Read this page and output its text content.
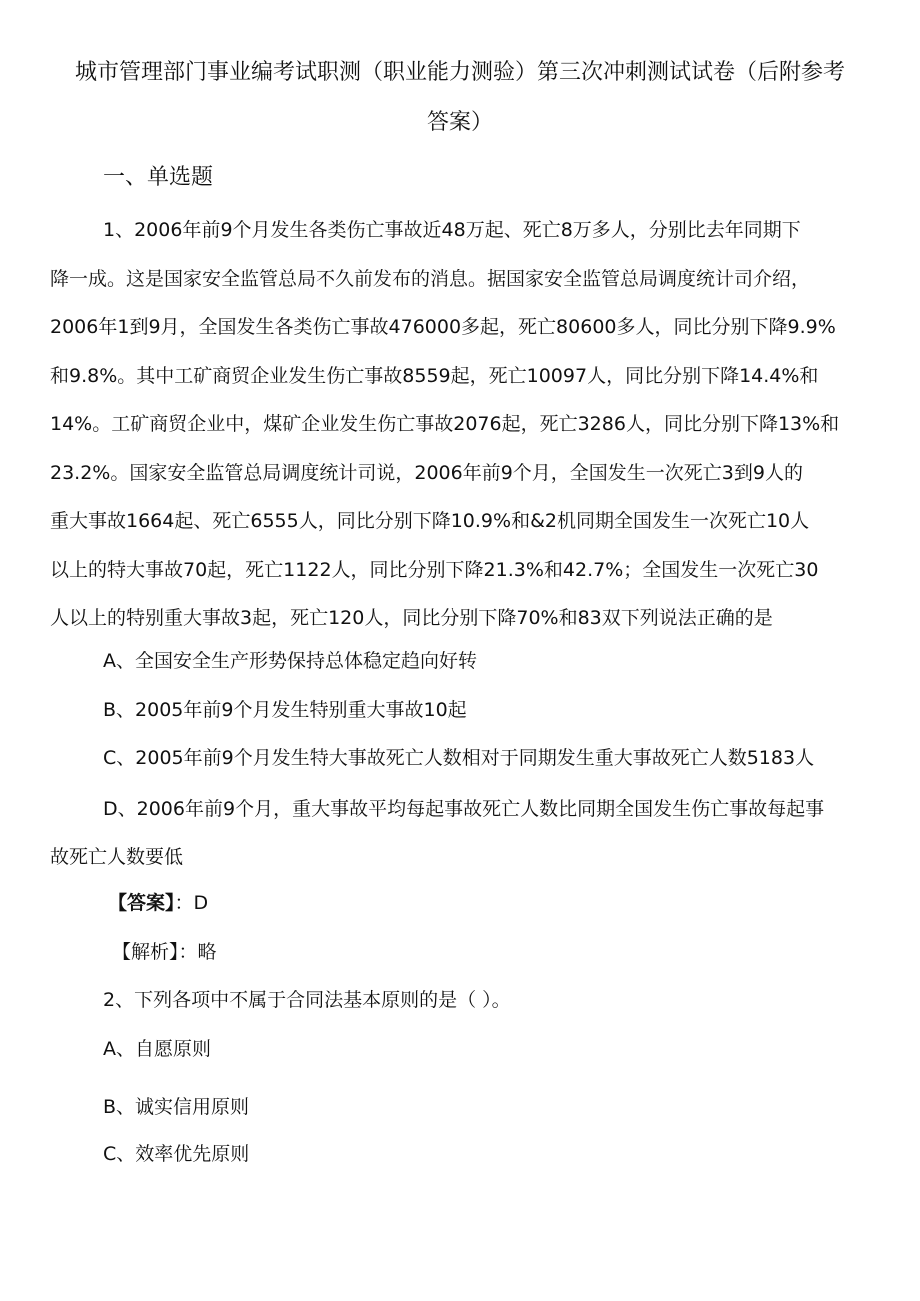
城市管理部门事业编考试职测（职业能力测验）第三次冲刺测试试卷（后附参考
答案）
一、单选题
1、2006年前9个月发生各类伤亡事故近48万起、死亡8万多人，分别比去年同期下
降一成。这是国家安全监管总局不久前发布的消息。据国家安全监管总局调度统计司介绍，
2006年1到9月，全国发生各类伤亡事故476000多起，死亡80600多人，同比分别下降9.9%
和9.8%。其中工矿商贸企业发生伤亡事故8559起，死亡10097人，同比分别下降14.4%和
14%。工矿商贸企业中，煤矿企业发生伤亡事故2076起，死亡3286人，同比分别下降13%和
23.2%。国家安全监管总局调度统计司说，2006年前9个月，全国发生一次死亡3到9人的
重大事故1664起、死亡6555人，同比分别下降10.9%和&2机同期全国发生一次死亡10人
以上的特大事故70起，死亡1122人，同比分别下降21.3%和42.7%；全国发生一次死亡30
人以上的特别重大事故3起，死亡120人，同比分别下降70%和83双下列说法正确的是
A、全国安全生产形势保持总体稳定趋向好转
B、2005年前9个月发生特别重大事故10起
C、2005年前9个月发生特大事故死亡人数相对于同期发生重大事故死亡人数5183人
D、2006年前9个月，重大事故平均每起事故死亡人数比同期全国发生伤亡事故每起事
故死亡人数要低
【答案】：D
【解析】：略
2、下列各项中不属于合同法基本原则的是（ ）。
A、自愿原则
B、诚实信用原则
C、效率优先原则
